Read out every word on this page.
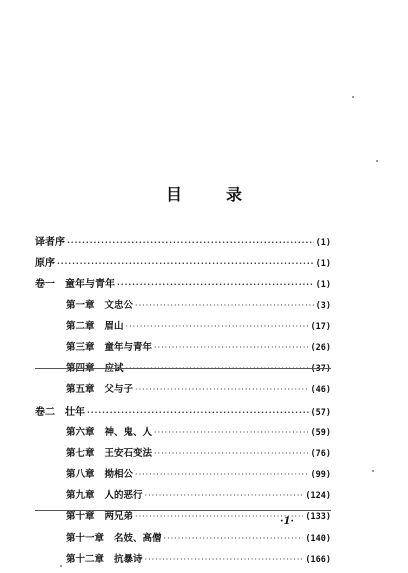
目　录
译者序 ·····	(1)
原序 ·····	(1)
卷一 童年与青年 ·····	(1)
第一章 文忠公 ·····	(3)
第二章 眉山 ·····	(17)
第三章 童年与青年 ·····	(26)
第四章 应试 ·····	(37)
第五章 父与子 ·····	(46)
卷二 壮年 ·····	(57)
第六章 神、鬼、人 ·····	(59)
第七章 王安石变法 ·····	(76)
第八章 拗相公 ·····	(99)
第九章 人的恶行 ·····	(124)
第十章 两兄弟 ·····	(133)
第十一章 名妓、高僧 ·····	(140)
第十二章 抗暴诗 ·····	(166)
·1·
